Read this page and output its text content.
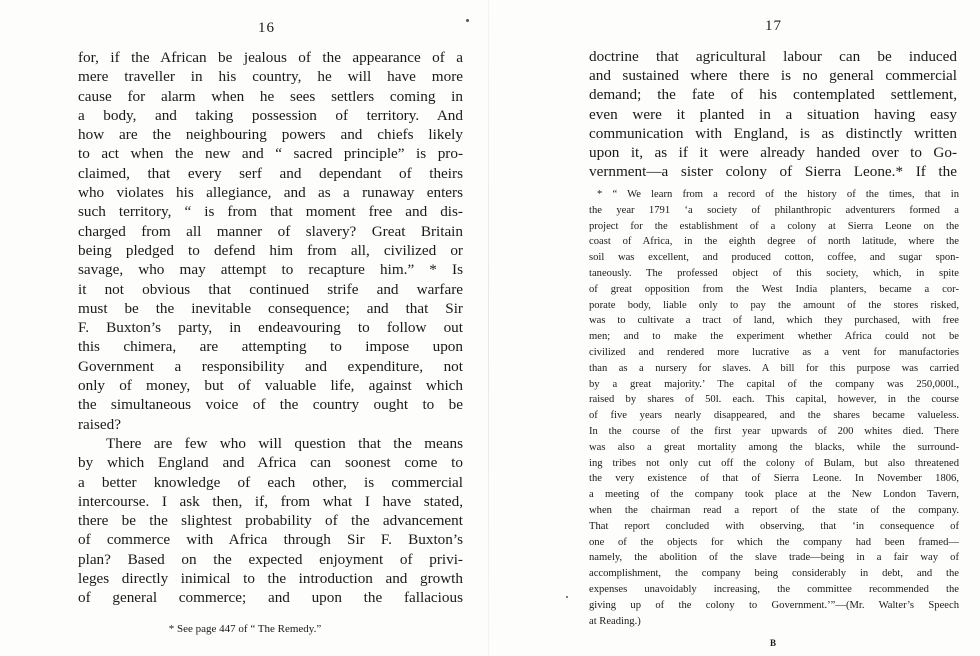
16
for, if the African be jealous of the appearance of a
mere traveller in his country, he will have more
cause for alarm when he sees settlers coming in
a body, and taking possession of territory. And
how are the neighbouring powers and chiefs likely
to act when the new and “ sacred principle” is pro-
claimed, that every serf and dependant of theirs
who violates his allegiance, and as a runaway enters
such territory, “ is from that moment free and dis-
charged from all manner of slavery? Great Britain
being pledged to defend him from all, civilized or
savage, who may attempt to recapture him.” * Is
it not obvious that continued strife and warfare
must be the inevitable consequence; and that Sir
F. Buxton’s party, in endeavouring to follow out
this chimera, are attempting to impose upon
Government a responsibility and expenditure, not
only of money, but of valuable life, against which
the simultaneous voice of the country ought to be
raised?
There are few who will question that the means
by which England and Africa can soonest come to
a better knowledge of each other, is commercial
intercourse. I ask then, if, from what I have stated,
there be the slightest probability of the advancement
of commerce with Africa through Sir F. Buxton’s
plan? Based on the expected enjoyment of privi-
leges directly inimical to the introduction and growth
of general commerce; and upon the fallacious
* See page 447 of “ The Remedy.”
17
doctrine that agricultural labour can be induced
and sustained where there is no general commercial
demand; the fate of his contemplated settlement,
even were it planted in a situation having easy
communication with England, is as distinctly written
upon it, as if it were already handed over to Go-
vernment—a sister colony of Sierra Leone.* If the
* “ We learn from a record of the history of the times, that in
the year 1791 ‘a society of philanthropic adventurers formed a
project for the establishment of a colony at Sierra Leone on the
coast of Africa, in the eighth degree of north latitude, where the
soil was excellent, and produced cotton, coffee, and sugar spon-
taneously. The professed object of this society, which, in spite
of great opposition from the West India planters, became a cor-
porate body, liable only to pay the amount of the stores risked,
was to cultivate a tract of land, which they purchased, with free
men; and to make the experiment whether Africa could not be
civilized and rendered more lucrative as a vent for manufactories
than as a nursery for slaves. A bill for this purpose was carried
by a great majority.’ The capital of the company was 250,000l.,
raised by shares of 50l. each. This capital, however, in the course
of five years nearly disappeared, and the shares became valueless.
In the course of the first year upwards of 200 whites died. There
was also a great mortality among the blacks, while the surround-
ing tribes not only cut off the colony of Bulam, but also threatened
the very existence of that of Sierra Leone. In November 1806,
a meeting of the company took place at the New London Tavern,
when the chairman read a report of the state of the company.
That report concluded with observing, that ‘in consequence of
one of the objects for which the company had been framed—
namely, the abolition of the slave trade—being in a fair way of
accomplishment, the company being considerably in debt, and the
expenses unavoidably increasing, the committee recommended the
giving up of the colony to Government.’”—(Mr. Walter’s Speech
at Reading.)
B
